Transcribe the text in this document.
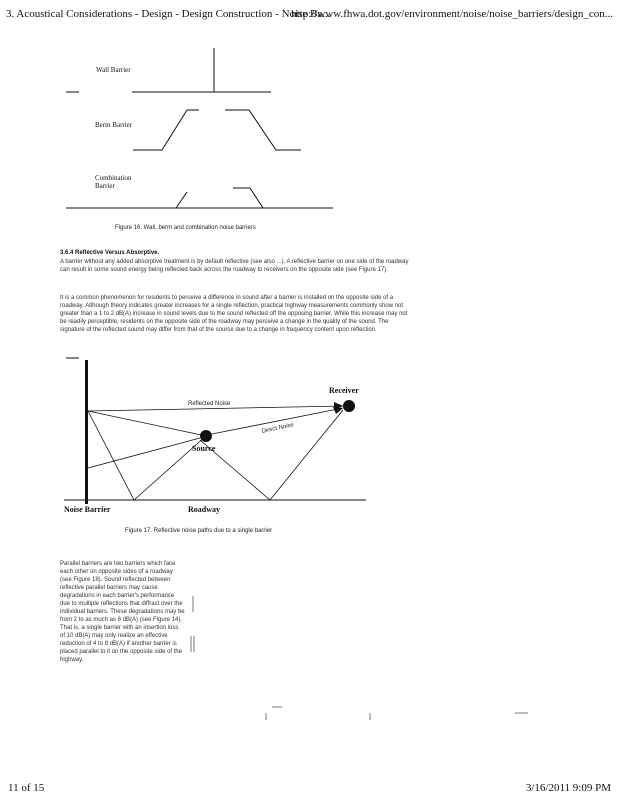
3. Acoustical Considerations - Design - Design Construction - Noise Ba...
http://www.fhwa.dot.gov/environment/noise/noise_barriers/design_con...
Wall Barrier
Berm Barrier
Combination
Barrier
Receiver
Reflected Noise
Direct Noise
Source
Noise Barrier	Roadway
Figure 16. Wall, berm and combination noise barriers
3.6.4 Reflective Versus Absorptive.
A barrier without any added absorptive treatment is by default reflective (see also ...). A reflective barrier on one side of the roadway can result in some sound energy being reflected back across the roadway to receivers on the opposite side (see Figure 17).
It is a common phenomenon for residents to perceive a difference in sound after a barrier is installed on the opposite side of a roadway. Although theory indicates greater increases for a single reflection, practical highway measurements commonly show not greater than a 1 to 2 dB(A) increase in sound levels due to the sound reflected off the opposing barrier. While this increase may not be readily perceptible, residents on the opposite side of the roadway may perceive a change in the quality of the sound. The signature of the reflected sound may differ from that of the source due to a change in frequency content upon reflection.
Figure 17. Reflective noise paths due to a single barrier
Parallel barriers are two barriers which face each other on opposite sides of a roadway (see Figure 18). Sound reflected between reflective parallel barriers may cause degradations in each barrier's performance due to multiple reflections that diffract over the individual barriers. These degradations may be from 2 to as much as 6 dB(A) (see Figure 14). That is, a single barrier with an insertion loss of 10 dB(A) may only realize an effective reduction of 4 to 8 dB(A) if another barrier is placed parallel to it on the opposite side of the highway.
11 of 15	3/16/2011 9:09 PM
